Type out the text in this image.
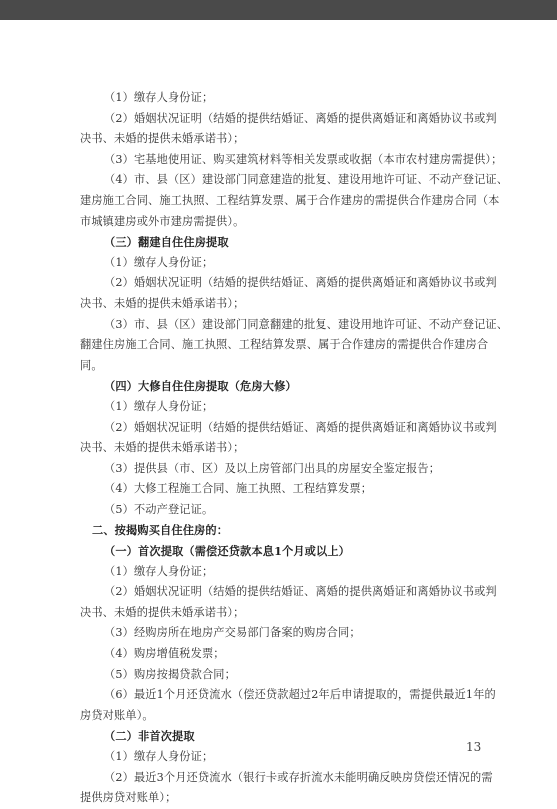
（1）缴存人身份证；
（2）婚姻状况证明（结婚的提供结婚证、离婚的提供离婚证和离婚协议书或判
决书、未婚的提供未婚承诺书）；
（3）宅基地使用证、购买建筑材料等相关发票或收据（本市农村建房需提供）；
（4）市、县（区）建设部门同意建造的批复、建设用地许可证、不动产登记证、
建房施工合同、施工执照、工程结算发票、属于合作建房的需提供合作建房合同（本
市城镇建房或外市建房需提供）。
（三）翻建自住住房提取
（1）缴存人身份证；
（2）婚姻状况证明（结婚的提供结婚证、离婚的提供离婚证和离婚协议书或判
决书、未婚的提供未婚承诺书）；
（3）市、县（区）建设部门同意翻建的批复、建设用地许可证、不动产登记证、
翻建住房施工合同、施工执照、工程结算发票、属于合作建房的需提供合作建房合
同。
（四）大修自住住房提取（危房大修）
（1）缴存人身份证；
（2）婚姻状况证明（结婚的提供结婚证、离婚的提供离婚证和离婚协议书或判
决书、未婚的提供未婚承诺书）；
（3）提供县（市、区）及以上房管部门出具的房屋安全鉴定报告；
（4）大修工程施工合同、施工执照、工程结算发票；
（5）不动产登记证。
二、按揭购买自住住房的：
（一）首次提取（需偿还贷款本息1个月或以上）
（1）缴存人身份证；
（2）婚姻状况证明（结婚的提供结婚证、离婚的提供离婚证和离婚协议书或判
决书、未婚的提供未婚承诺书）；
（3）经购房所在地房产交易部门备案的购房合同；
（4）购房增值税发票；
（5）购房按揭贷款合同；
（6）最近1个月还贷流水（偿还贷款超过2年后申请提取的，需提供最近1年的
房贷对账单）。
（二）非首次提取
（1）缴存人身份证；
（2）最近3个月还贷流水（银行卡或存折流水未能明确反映房贷偿还情况的需
提供房贷对账单）；
13
